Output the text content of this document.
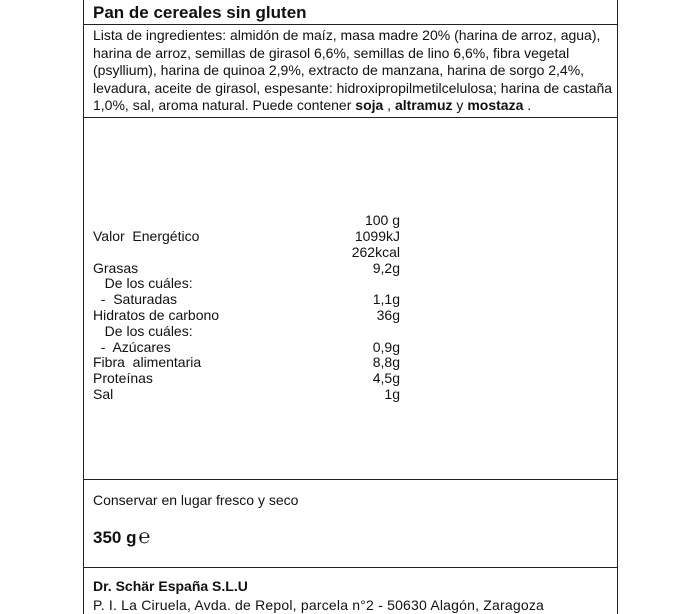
Pan de cereales sin gluten
Lista de ingredientes: almidón de maíz, masa madre 20% (harina de arroz, agua), harina de arroz, semillas de girasol 6,6%, semillas de lino 6,6%, fibra vegetal (psyllium), harina de quinoa 2,9%, extracto de manzana, harina de sorgo 2,4%, levadura, aceite de girasol, espesante: hidroxipropilmetilcelulosa; harina de castaña 1,0%, sal, aroma natural. Puede contener soja , altramuz y mostaza .
100 g
Valor  Energético	1099kJ
262kcal
Grasas	9,2g
De los cuáles:
-  Saturadas	1,1g
Hidratos de carbono	36g
De los cuáles:
-  Azúcares	0,9g
Fibra  alimentaria	8,8g
Proteínas	4,5g
Sal	1g
Conservar en lugar fresco y seco
350 g ℮
Dr. Schär España S.L.U
P. I. La Ciruela, Avda. de Repol, parcela n°2 - 50630 Alagón, Zaragoza
